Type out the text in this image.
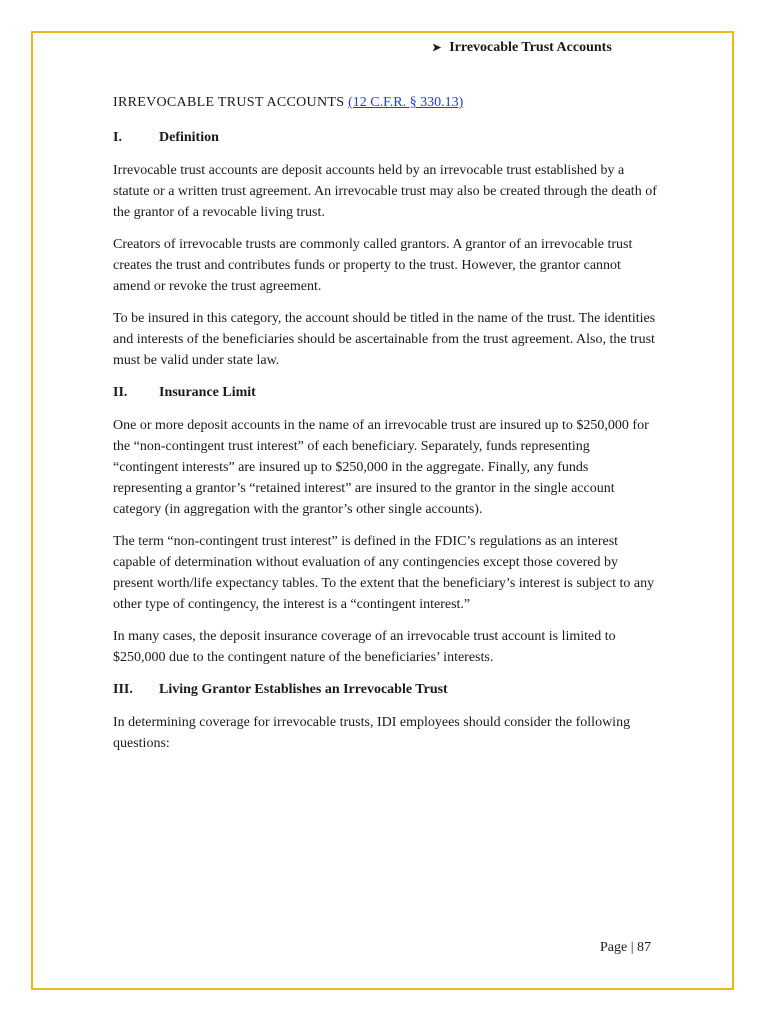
➤ Irrevocable Trust Accounts
IRREVOCABLE TRUST ACCOUNTS (12 C.F.R. § 330.13)
I.	Definition

Irrevocable trust accounts are deposit accounts held by an irrevocable trust established by a statute or a written trust agreement. An irrevocable trust may also be created through the death of the grantor of a revocable living trust.

Creators of irrevocable trusts are commonly called grantors. A grantor of an irrevocable trust creates the trust and contributes funds or property to the trust. However, the grantor cannot amend or revoke the trust agreement.

To be insured in this category, the account should be titled in the name of the trust. The identities and interests of the beneficiaries should be ascertainable from the trust agreement. Also, the trust must be valid under state law.

II.	Insurance Limit

One or more deposit accounts in the name of an irrevocable trust are insured up to $250,000 for the “non-contingent trust interest” of each beneficiary. Separately, funds representing “contingent interests” are insured up to $250,000 in the aggregate. Finally, any funds representing a grantor’s “retained interest” are insured to the grantor in the single account category (in aggregation with the grantor’s other single accounts).

The term “non-contingent trust interest” is defined in the FDIC’s regulations as an interest capable of determination without evaluation of any contingencies except those covered by present worth/life expectancy tables. To the extent that the beneficiary’s interest is subject to any other type of contingency, the interest is a “contingent interest.”

In many cases, the deposit insurance coverage of an irrevocable trust account is limited to $250,000 due to the contingent nature of the beneficiaries’ interests.

III.	Living Grantor Establishes an Irrevocable Trust

In determining coverage for irrevocable trusts, IDI employees should consider the following questions:

Page | 87
